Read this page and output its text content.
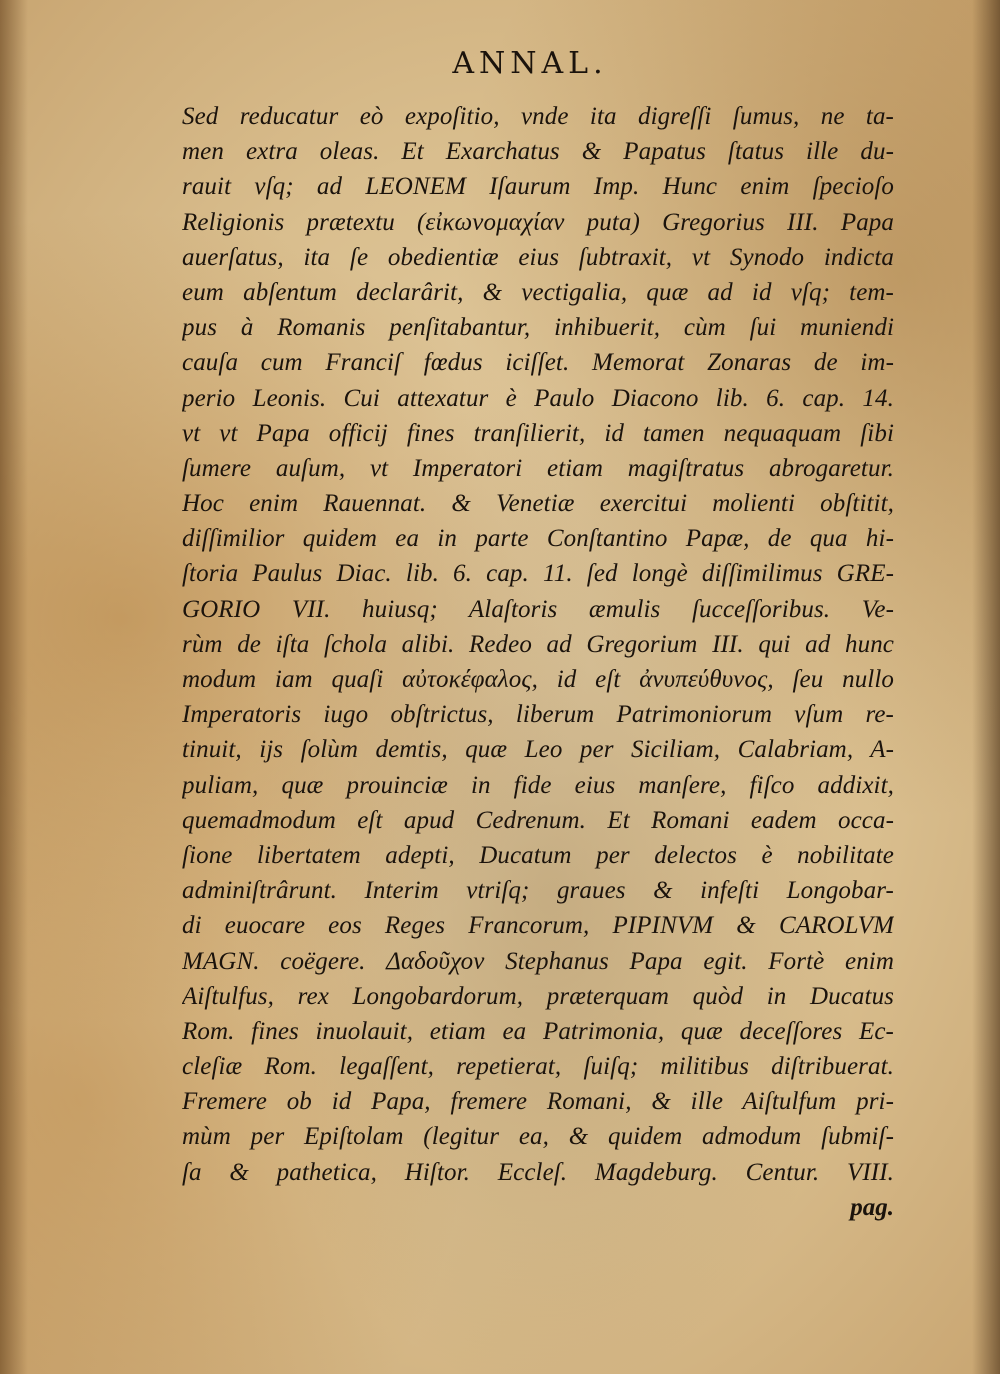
ANNAL.
Sed reducatur eò expoſitio, vnde ita digreſſi ſumus, ne ta-
men extra oleas. Et Exarchatus & Papatus ſtatus ille du-
rauit vſq; ad LEONEM Iſaurum Imp. Hunc enim ſpecioſo
Religionis prætextu (εἰκωνομαχίαν puta) Gregorius III. Papa
auerſatus, ita ſe obedientiæ eius ſubtraxit, vt Synodo indicta
eum abſentum declarârit, & vectigalia, quæ ad id vſq; tem-
pus à Romanis penſitabantur, inhibuerit, cùm ſui muniendi
cauſa cum Franciſ fœdus iciſſet. Memorat Zonaras de im-
perio Leonis. Cui attexatur è Paulo Diacono lib. 6. cap. 14.
vt vt Papa officij fines tranſilierit, id tamen nequaquam ſibi
ſumere auſum, vt Imperatori etiam magiſtratus abrogaretur.
Hoc enim Rauennat. & Venetiæ exercitui molienti obſtitit,
diſſimilior quidem ea in parte Conſtantino Papæ, de qua hi-
ſtoria Paulus Diac. lib. 6. cap. 11. ſed longè diſſimilimus GRE-
GORIO VII. huiusq; Alaſtoris æmulis ſucceſſoribus. Ve-
rùm de iſta ſchola alibi. Redeo ad Gregorium III. qui ad hunc
modum iam quaſi αὐτοκέφαλος, id eſt ἀνυπεύθυνος, ſeu nullo
Imperatoris iugo obſtrictus, liberum Patrimoniorum vſum re-
tinuit, ijs ſolùm demtis, quæ Leo per Siciliam, Calabriam, A-
puliam, quæ prouinciæ in fide eius manſere, fiſco addixit,
quemadmodum eſt apud Cedrenum. Et Romani eadem occa-
ſione libertatem adepti, Ducatum per delectos è nobilitate
adminiſtrârunt. Interim vtriſq; graues & infeſti Longobar-
di euocare eos Reges Francorum, PIPINVM & CAROLVM
MAGN. coëgere. Δαδοῦχον Stephanus Papa egit. Fortè enim
Aiſtulfus, rex Longobardorum, præterquam quòd in Ducatus
Rom. fines inuolauit, etiam ea Patrimonia, quæ deceſſores Ec-
cleſiæ Rom. legaſſent, repetierat, ſuiſq; militibus diſtribuerat.
Fremere ob id Papa, fremere Romani, & ille Aiſtulfum pri-
mùm per Epiſtolam (legitur ea, & quidem admodum ſubmiſ-
ſa & pathetica, Hiſtor. Eccleſ. Magdeburg. Centur. VIII.
pag.
